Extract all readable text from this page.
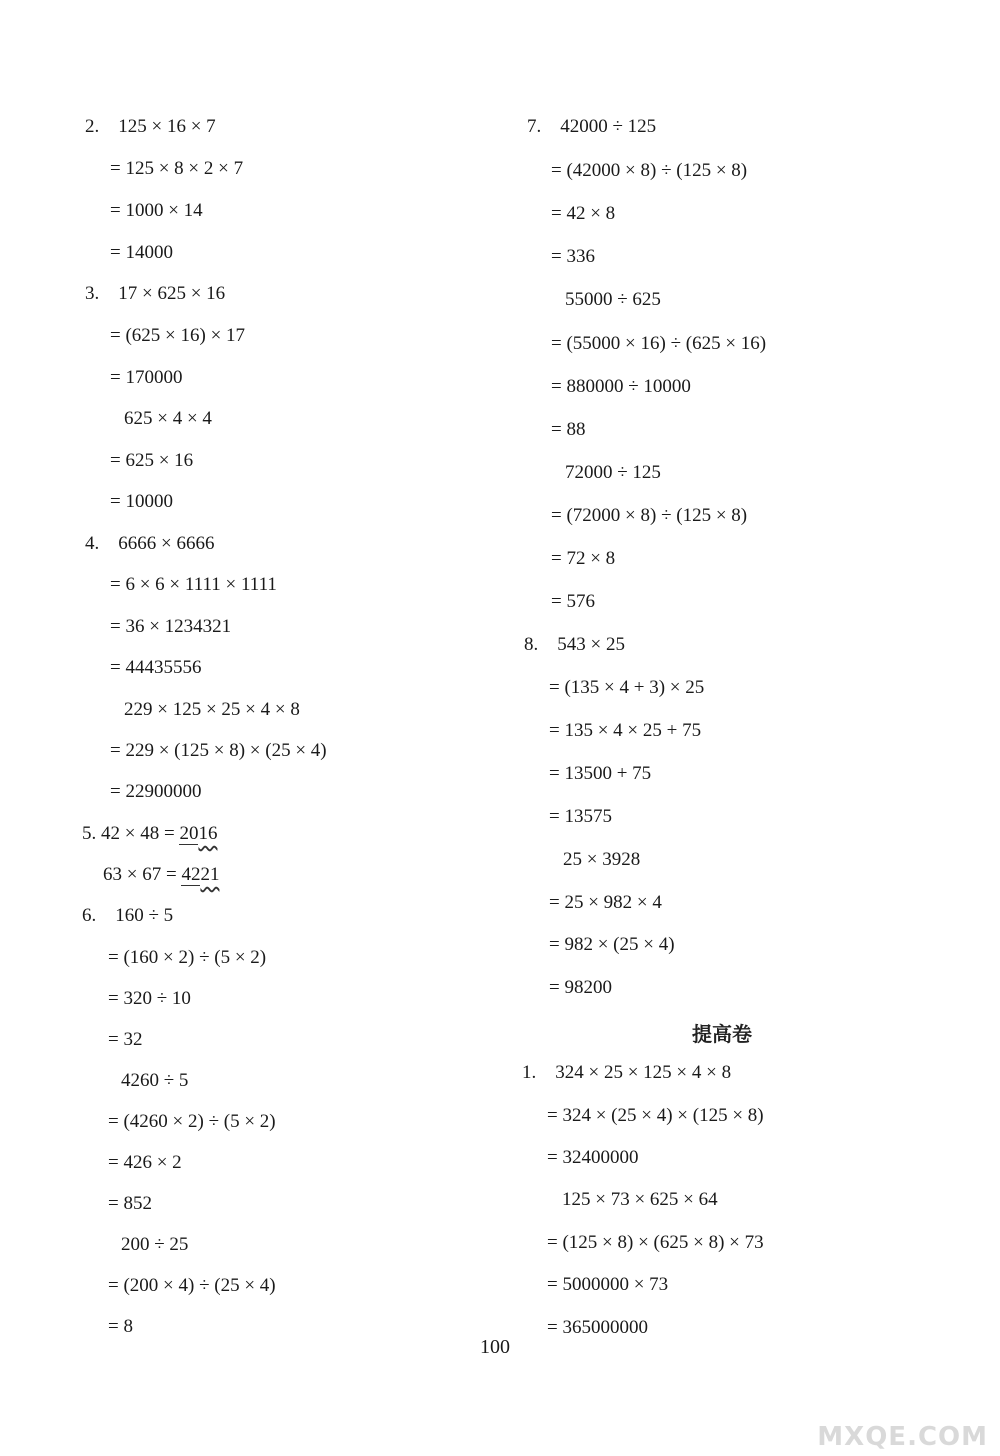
2.    125 × 16 × 7
= 125 × 8 × 2 × 7
= 1000 × 14
= 14000
3.    17 × 625 × 16
= (625 × 16) × 17
= 170000
625 × 4 × 4
= 625 × 16
= 10000
4.    6666 × 6666
= 6 × 6 × 1111 × 1111
= 36 × 1234321
= 44435556
229 × 125 × 25 × 4 × 8
= 229 × (125 × 8) × (25 × 4)
= 22900000
5. 42 × 48 = 2016
63 × 67 = 4221
6.    160 ÷ 5
= (160 × 2) ÷ (5 × 2)
= 320 ÷ 10
= 32
4260 ÷ 5
= (4260 × 2) ÷ (5 × 2)
= 426 × 2
= 852
200 ÷ 25
= (200 × 4) ÷ (25 × 4)
= 8
7.    42000 ÷ 125
= (42000 × 8) ÷ (125 × 8)
= 42 × 8
= 336
55000 ÷ 625
= (55000 × 16) ÷ (625 × 16)
= 880000 ÷ 10000
= 88
72000 ÷ 125
= (72000 × 8) ÷ (125 × 8)
= 72 × 8
= 576
8.    543 × 25
= (135 × 4 + 3) × 25
= 135 × 4 × 25 + 75
= 13500 + 75
= 13575
25 × 3928
= 25 × 982 × 4
= 982 × (25 × 4)
= 98200
提高卷
1.    324 × 25 × 125 × 4 × 8
= 324 × (25 × 4) × (125 × 8)
= 32400000
125 × 73 × 625 × 64
= (125 × 8) × (625 × 8) × 73
= 5000000 × 73
= 365000000
100
MXQE.COM
